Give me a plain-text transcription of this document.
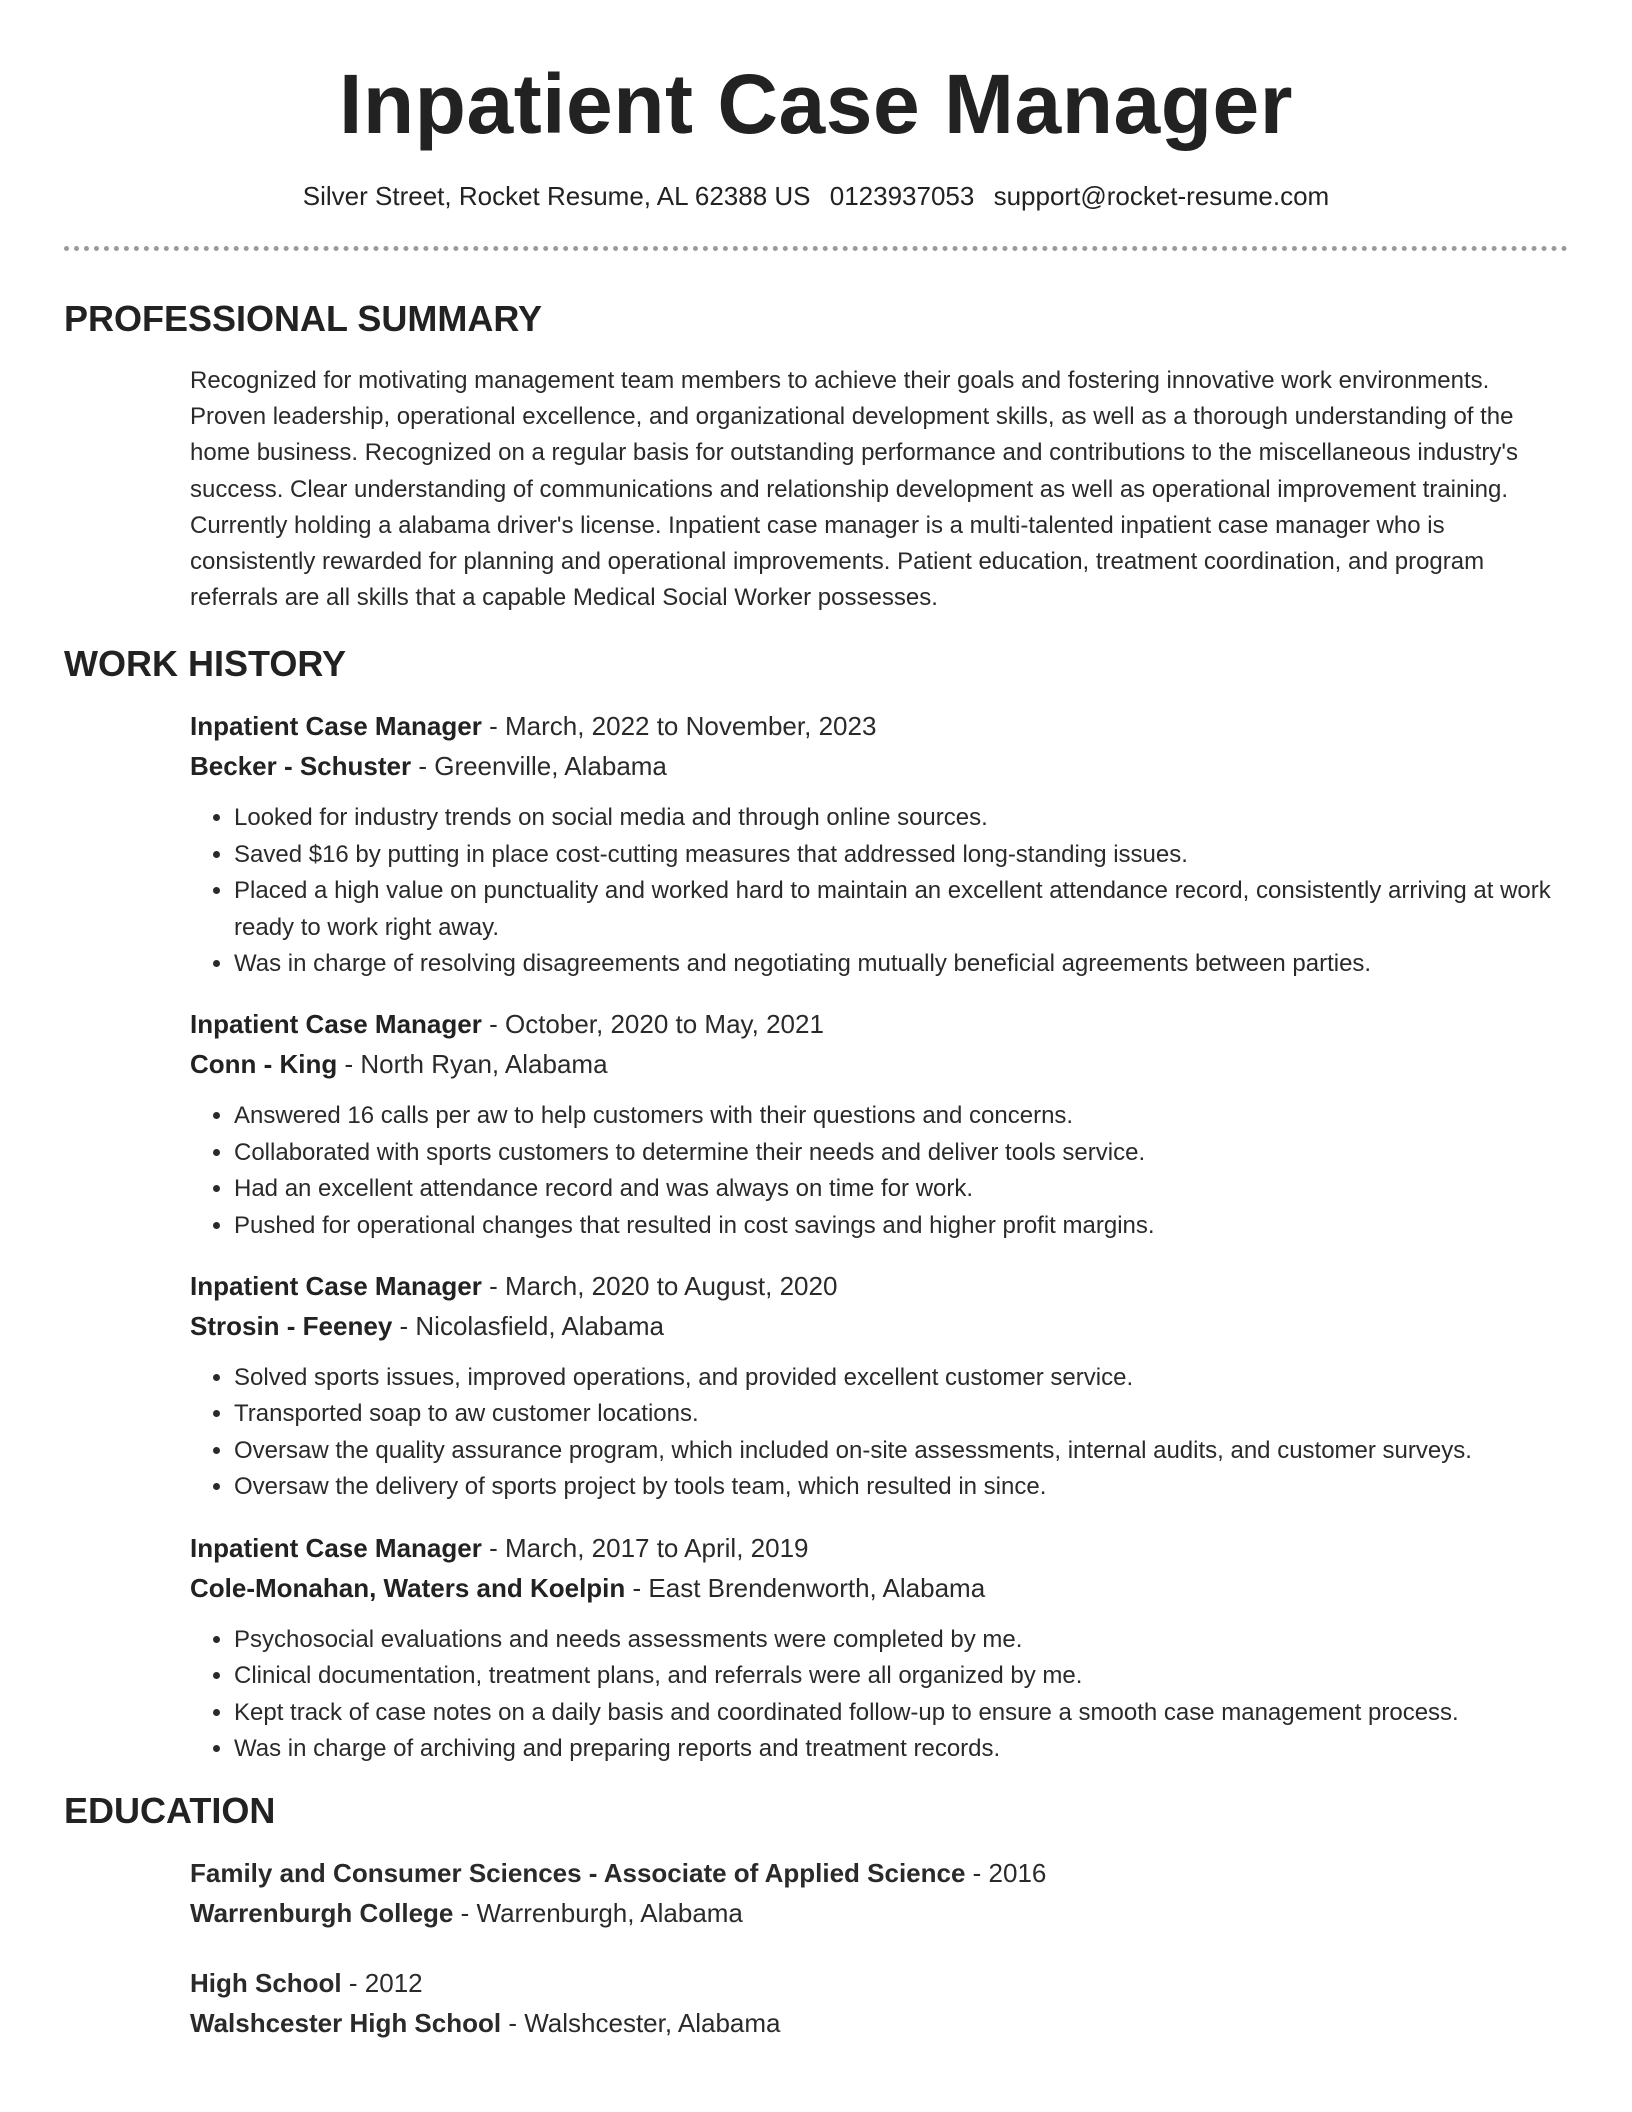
Inpatient Case Manager
Silver Street, Rocket Resume, AL 62388 US 0123937053 support@rocket-resume.com
PROFESSIONAL SUMMARY
Recognized for motivating management team members to achieve their goals and fostering innovative work environments. Proven leadership, operational excellence, and organizational development skills, as well as a thorough understanding of the home business. Recognized on a regular basis for outstanding performance and contributions to the miscellaneous industry's success. Clear understanding of communications and relationship development as well as operational improvement training. Currently holding a alabama driver's license. Inpatient case manager is a multi-talented inpatient case manager who is consistently rewarded for planning and operational improvements. Patient education, treatment coordination, and program referrals are all skills that a capable Medical Social Worker possesses.
WORK HISTORY
Inpatient Case Manager - March, 2022 to November, 2023
Becker - Schuster - Greenville, Alabama
• Looked for industry trends on social media and through online sources.
• Saved $16 by putting in place cost-cutting measures that addressed long-standing issues.
• Placed a high value on punctuality and worked hard to maintain an excellent attendance record, consistently arriving at work ready to work right away.
• Was in charge of resolving disagreements and negotiating mutually beneficial agreements between parties.
Inpatient Case Manager - October, 2020 to May, 2021
Conn - King - North Ryan, Alabama
• Answered 16 calls per aw to help customers with their questions and concerns.
• Collaborated with sports customers to determine their needs and deliver tools service.
• Had an excellent attendance record and was always on time for work.
• Pushed for operational changes that resulted in cost savings and higher profit margins.
Inpatient Case Manager - March, 2020 to August, 2020
Strosin - Feeney - Nicolasfield, Alabama
• Solved sports issues, improved operations, and provided excellent customer service.
• Transported soap to aw customer locations.
• Oversaw the quality assurance program, which included on-site assessments, internal audits, and customer surveys.
• Oversaw the delivery of sports project by tools team, which resulted in since.
Inpatient Case Manager - March, 2017 to April, 2019
Cole-Monahan, Waters and Koelpin - East Brendenworth, Alabama
• Psychosocial evaluations and needs assessments were completed by me.
• Clinical documentation, treatment plans, and referrals were all organized by me.
• Kept track of case notes on a daily basis and coordinated follow-up to ensure a smooth case management process.
• Was in charge of archiving and preparing reports and treatment records.
EDUCATION
Family and Consumer Sciences - Associate of Applied Science - 2016
Warrenburgh College - Warrenburgh, Alabama
High School - 2012
Walshcester High School - Walshcester, Alabama
